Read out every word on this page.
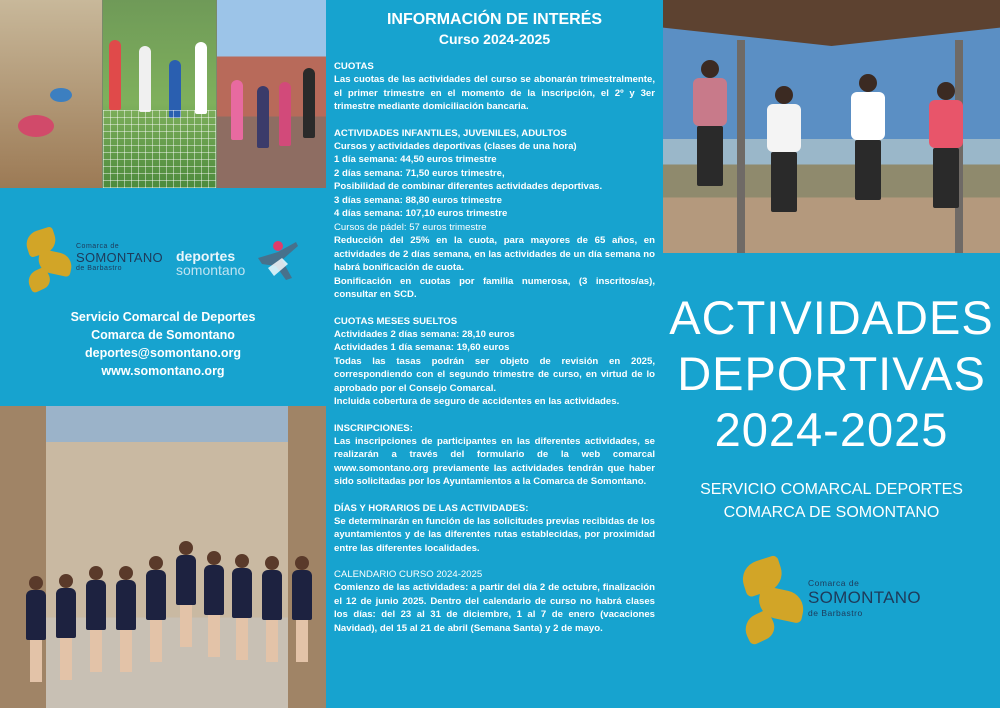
Comarca de
SOMONTANO
de Barbastro
deportes
somontano
Servicio Comarcal de Deportes
Comarca de Somontano
deportes@somontano.org
www.somontano.org
INFORMACIÓN DE INTERÉS
Curso 2024-2025

CUOTAS

Las cuotas de las actividades del curso se abonarán trimestralmente, el primer trimestre en el momento de la inscripción, el 2º y 3er trimestre mediante domiciliación bancaria.

ACTIVIDADES INFANTILES, JUVENILES, ADULTOS

Cursos y actividades deportivas (clases de una hora)

1 día semana: 44,50 euros trimestre

2 días semana: 71,50 euros trimestre,

Posibilidad de combinar diferentes actividades deportivas.

3 días semana: 88,80 euros trimestre

4 días semana: 107,10 euros trimestre

Cursos de pádel: 57 euros trimestre

Reducción del 25% en la cuota, para mayores de 65 años, en actividades de 2 días semana, en las actividades de un día semana no habrá bonificación de cuota.

Bonificación en cuotas por familia numerosa, (3 inscritos/as), consultar en SCD.

CUOTAS MESES SUELTOS

Actividades 2 días semana: 28,10 euros

Actividades 1 día semana: 19,60 euros

Todas las tasas podrán ser objeto de revisión en 2025, correspondiendo con el segundo trimestre de curso, en virtud de lo aprobado por el Consejo Comarcal.

Incluida cobertura de seguro de accidentes en las actividades.

INSCRIPCIONES:

Las inscripciones de participantes en las diferentes actividades, se realizarán a través del formulario de la web comarcal www.somontano.org previamente las actividades tendrán que haber sido solicitadas por los Ayuntamientos a la Comarca de Somontano.

DÍAS Y HORARIOS DE LAS ACTIVIDADES:

Se determinarán en función de las solicitudes previas recibidas de los ayuntamientos y de las diferentes rutas establecidas, por proximidad entre las diferentes localidades.

CALENDARIO CURSO 2024-2025

Comienzo de las actividades: a partir del día 2 de octubre, finalización el 12 de junio 2025. Dentro del calendario de curso no habrá clases los días: del 23 al 31 de diciembre, 1 al 7 de enero (vacaciones Navidad), del 15 al 21 de abril (Semana Santa) y 2 de mayo.

ACTIVIDADES
DEPORTIVAS
2024-2025
SERVICIO COMARCAL DEPORTES
COMARCA DE SOMONTANO
Comarca de
SOMONTANO
de Barbastro
